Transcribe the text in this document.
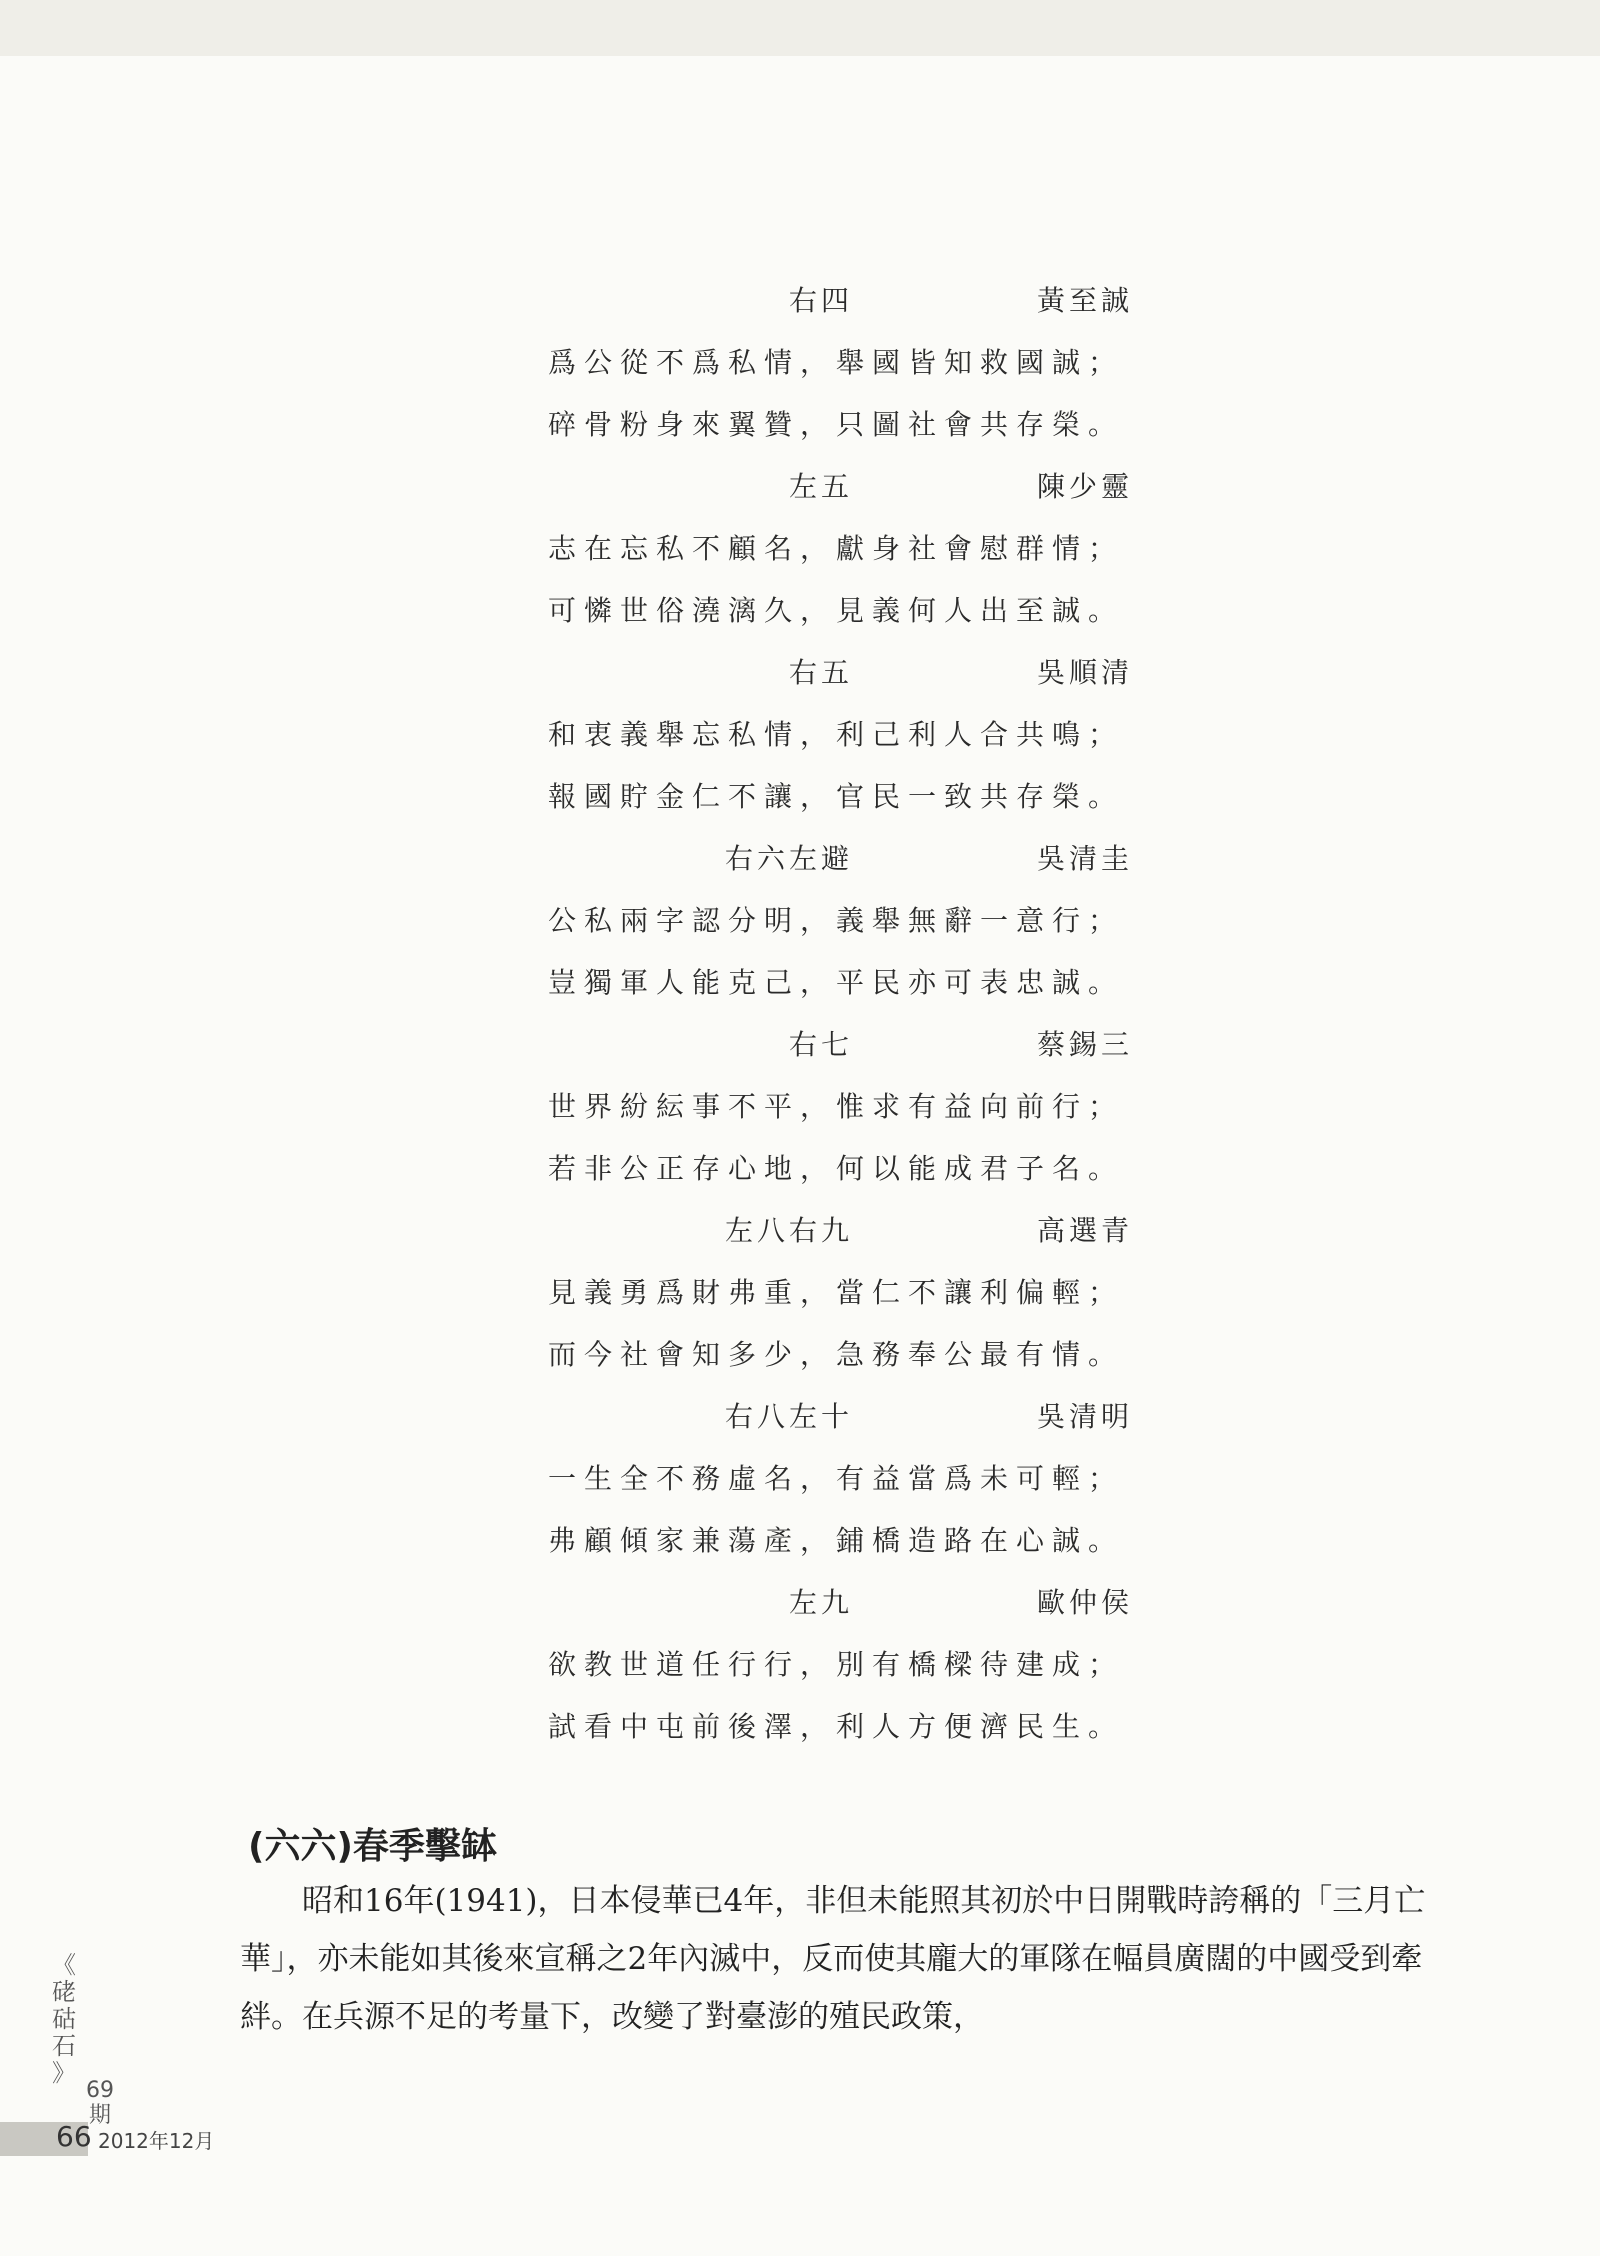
右四	黃至誠
爲公從不爲私情，舉國皆知救國誠；
碎骨粉身來翼贊，只圖社會共存榮。
左五	陳少靈
志在忘私不顧名，獻身社會慰群情；
可憐世俗澆漓久，見義何人出至誠。
右五	吳順清
和衷義舉忘私情，利己利人合共鳴；
報國貯金仁不讓，官民一致共存榮。
右六左避	吳清圭
公私兩字認分明，義舉無辭一意行；
豈獨軍人能克己，平民亦可表忠誠。
右七	蔡錫三
世界紛紜事不平，惟求有益向前行；
若非公正存心地，何以能成君子名。
左八右九	高選青
見義勇爲財弗重，當仁不讓利偏輕；
而今社會知多少，急務奉公最有情。
右八左十	吳清明
一生全不務虛名，有益當爲未可輕；
弗顧傾家兼蕩產，鋪橋造路在心誠。
左九	歐仲侯
欲教世道任行行，別有橋樑待建成；
試看中屯前後澤，利人方便濟民生。
(六六)春季擊缽

昭和16年(1941)，日本侵華已4年，非但未能照其初於中日開戰時誇稱的「三月亡華」，亦未能如其後來宣稱之2年內滅中，反而使其龐大的軍隊在幅員廣闊的中國受到牽絆。在兵源不足的考量下，改變了對臺澎的殖民政策，

《
硓
𥑮
石
》
69
期
66 2012年12月
